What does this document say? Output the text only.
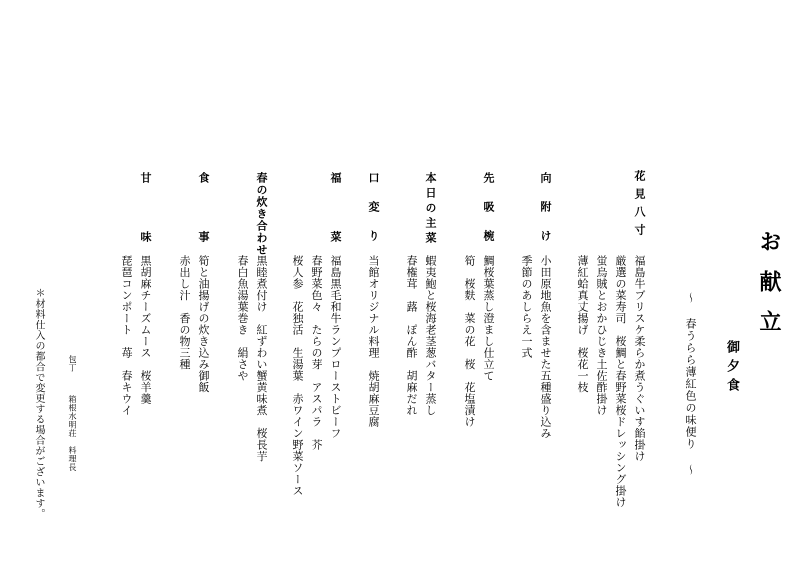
お献立
〜 春うらら薄紅色の味便り 〜 御夕食
花見八寸
向附け
先吸椀
本日の主菜
口変り
福菜
春の炊き合わせ
食事
甘味
福島牛ブリスケ柔らか煮うぐいす餡掛け
厳選の菜寿司　桜鯛と春野菜桜ドレッシング掛け
蛍烏賊とおかひじき土佐酢掛け
薄紅蛤真丈揚げ　桜花一枝
小田原地魚を含ませた五種盛り込み
季節のあしらえ一式
鯛桜葉蒸し澄まし仕立て
筍　桜麩　菜の花　桜　花塩漬け
蝦夷鮑と桜海老茎葱バター蒸し
春権茸　蕗　ぽん酢　胡麻だれ
当館オリジナル料理　焼胡麻豆腐
福島黒毛和牛ランプローストビーフ
春野菜色々　たらの芽　アスパラ　芥
桜人参　花独活　生湯葉　赤ワイン野菜ソース
黒睦煮付け　紅ずわい蟹黄味煮　桜長芋
春白魚湯葉巻き　絹さや
筍と油揚げの炊き込み御飯
赤出し汁　香の物三種
黒胡麻チーズムース　桜羊羹
琵琶コンポート　苺　春キウイ
包丁
箱根水明荘　料理長
＊材料仕入の都合で変更する場合がございます。
